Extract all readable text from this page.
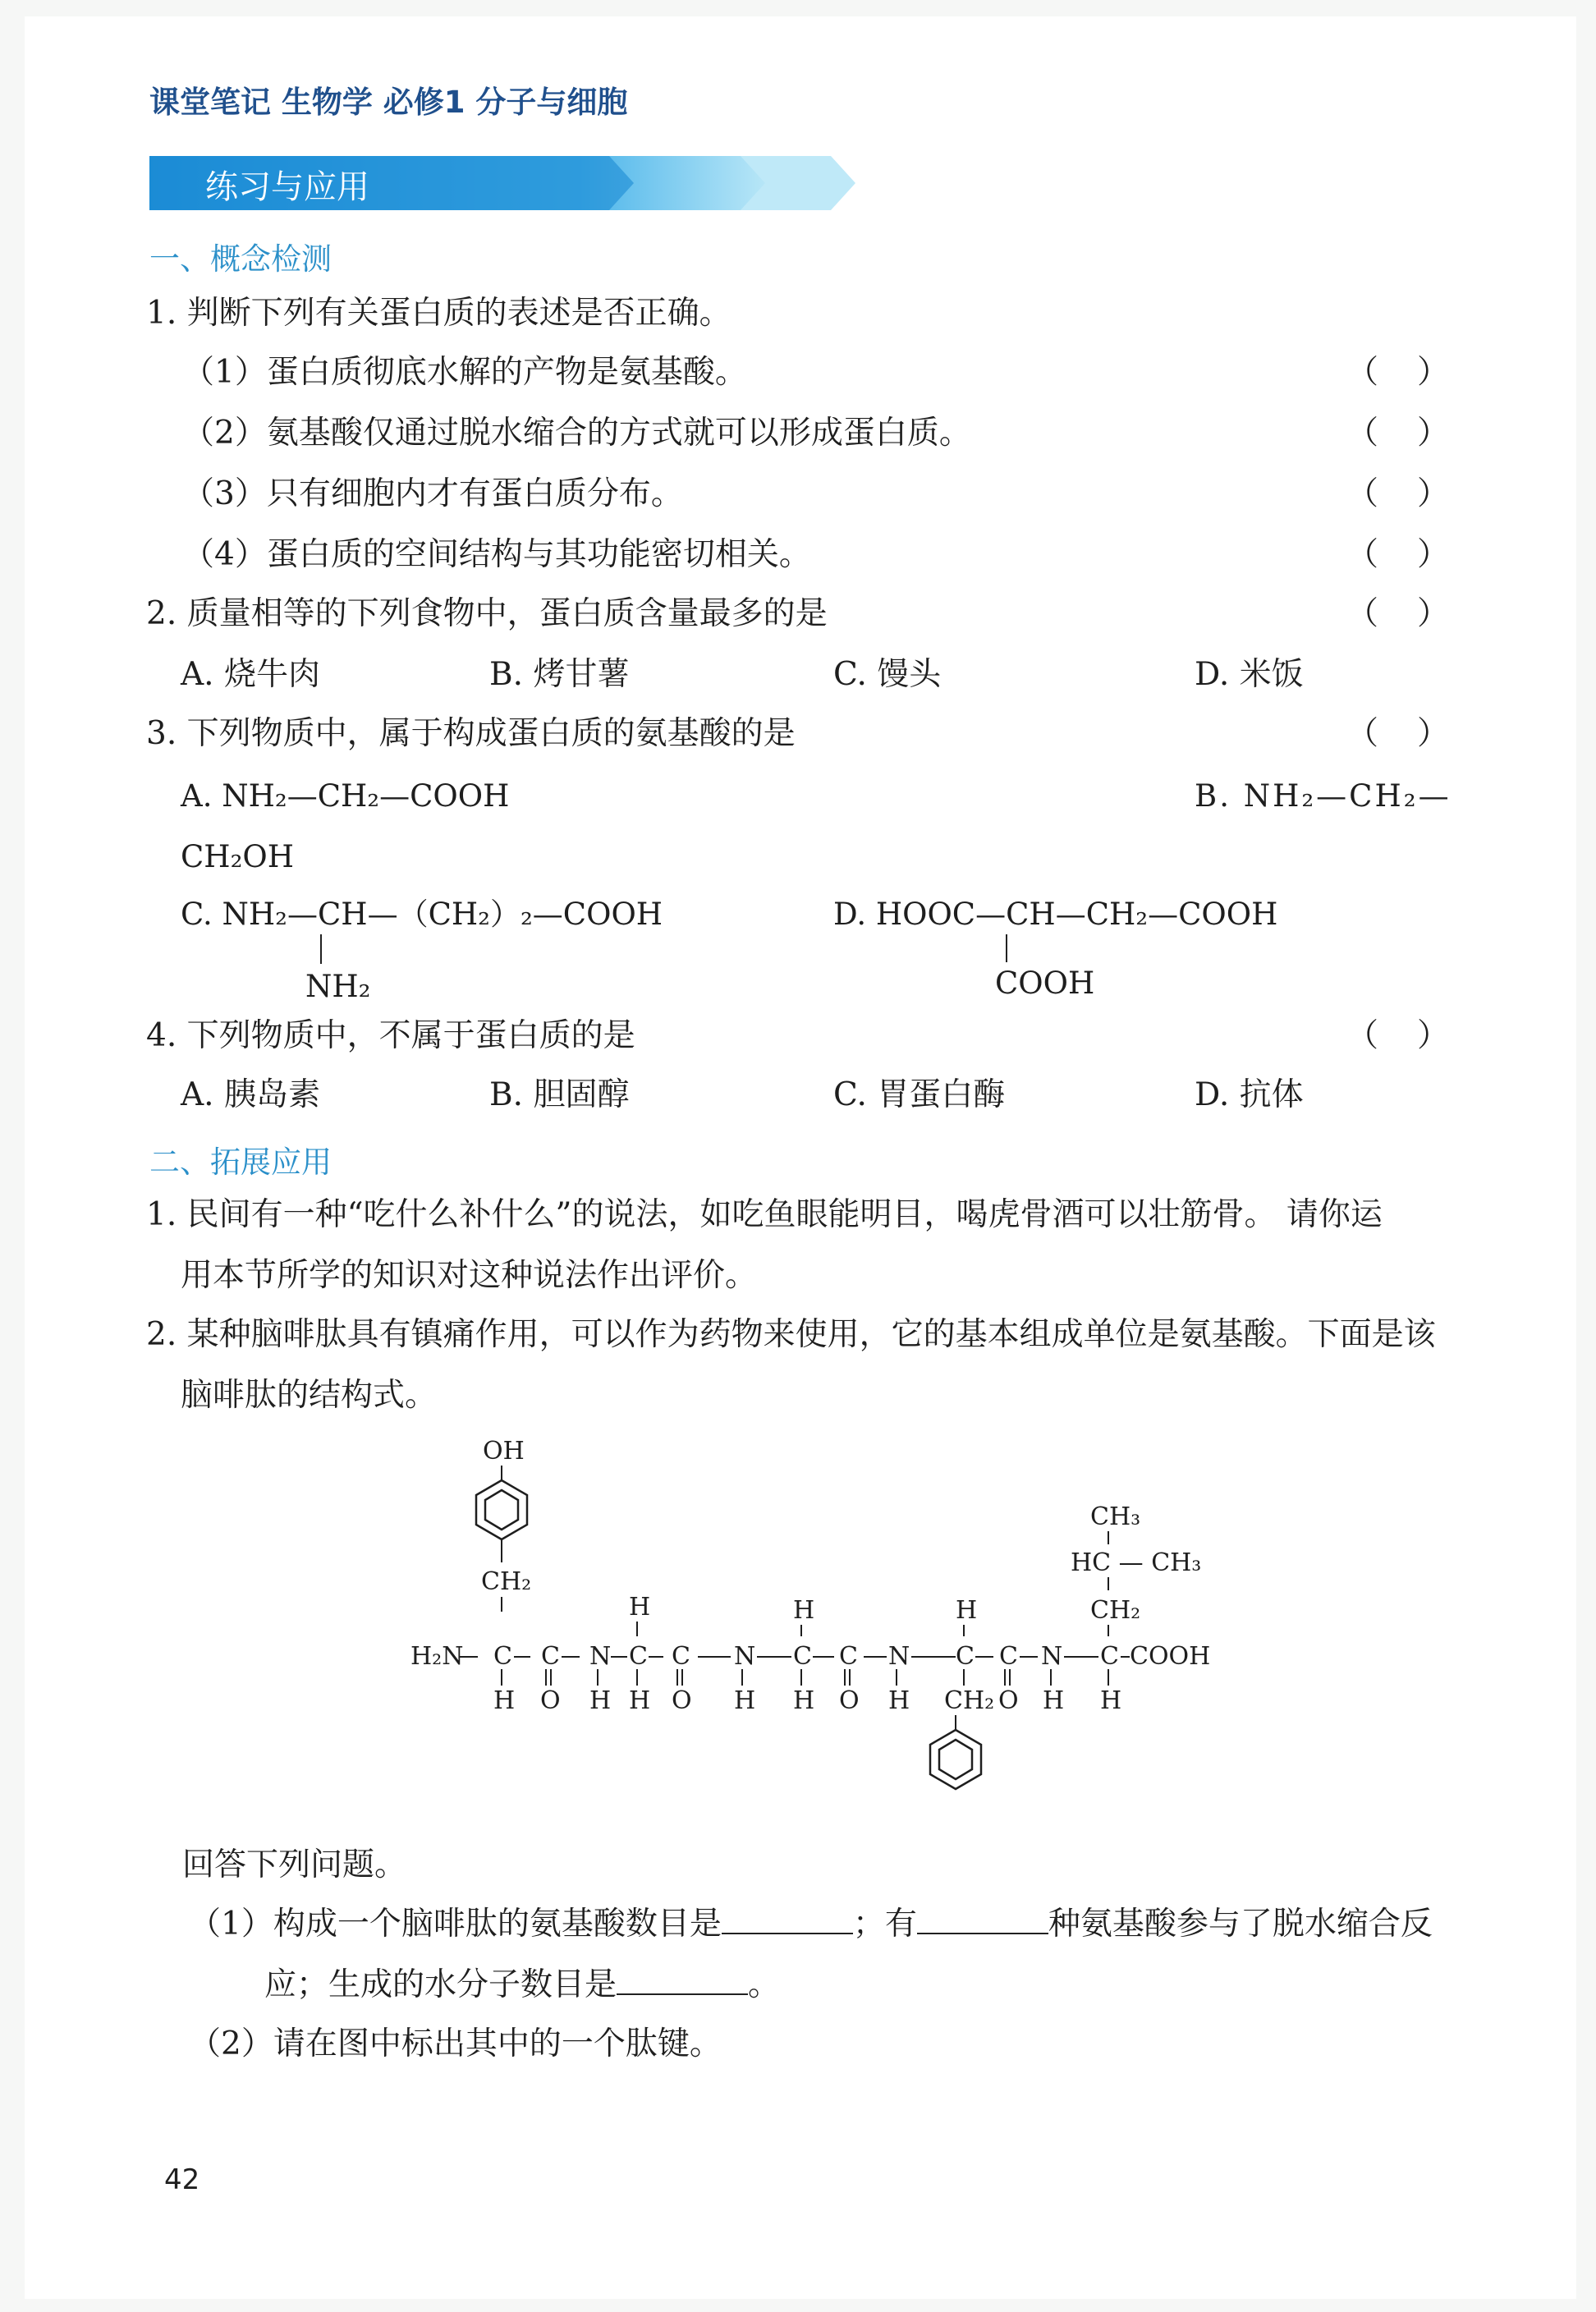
课堂笔记 生物学 必修1 分子与细胞
练习与应用
一、概念检测
1. 判断下列有关蛋白质的表述是否正确。
（1）蛋白质彻底水解的产物是氨基酸。	（ ）
（2）氨基酸仅通过脱水缩合的方式就可以形成蛋白质。	（ ）
（3）只有细胞内才有蛋白质分布。	（ ）
（4）蛋白质的空间结构与其功能密切相关。	（ ）
2. 质量相等的下列食物中，蛋白质含量最多的是	（ ）
A. 烧牛肉	B. 烤甘薯	C. 馒头	D. 米饭
3. 下列物质中，属于构成蛋白质的氨基酸的是	（ ）
A. NH₂—CH₂—COOH	B. NH₂—CH₂—
CH₂OH
C. NH₂—CH—（CH₂）₂—COOH
NH₂
D. HOOC—CH—CH₂—COOH
COOH
4. 下列物质中，不属于蛋白质的是	（ ）
A. 胰岛素	B. 胆固醇	C. 胃蛋白酶	D. 抗体
二、拓展应用
1. 民间有一种“吃什么补什么”的说法，如吃鱼眼能明目，喝虎骨酒可以壮筋骨。 请你运
用本节所学的知识对这种说法作出评价。
2. 某种脑啡肽具有镇痛作用，可以作为药物来使用，它的基本组成单位是氨基酸。下面是该
脑啡肽的结构式。
OH
CH₂
CH₃
HC — CH₃
CH₂
H	H	H
H₂N C C N C C N C C N C C N C COOH
H O H H O H H O H CH₂ O H H
回答下列问题。
（1）构成一个脑啡肽的氨基酸数目是	；有	种氨基酸参与了脱水缩合反
应；生成的水分子数目是	。
（2）请在图中标出其中的一个肽键。
42
